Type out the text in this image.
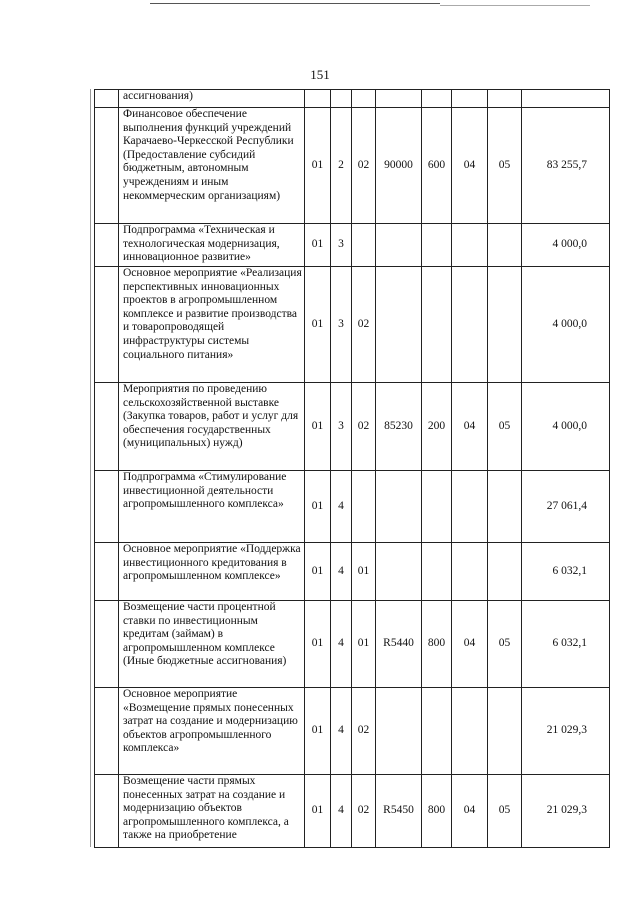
151
	ассигнования)								
	Финансовое обеспечение выполнения функций учреждений Карачаево-Черкесской Республики (Предоставление субсидий бюджетным, автономным учреждениям и иным некоммерческим организациям)	01	2	02	90000	600	04	05	83 255,7
	Подпрограмма «Техническая и технологическая модернизация, инновационное развитие»	01	3						4 000,0
	Основное мероприятие «Реализация перспективных инновационных проектов в агропромышленном комплексе и развитие производства и товаропроводящей инфраструктуры системы социального питания»	01	3	02					4 000,0
	Мероприятия по проведению сельскохозяйственной выставке (Закупка товаров, работ и услуг для обеспечения государственных (муниципальных) нужд)	01	3	02	85230	200	04	05	4 000,0
	Подпрограмма «Стимулирование инвестиционной деятельности агропромышленного комплекса»	01	4						27 061,4
	Основное мероприятие «Поддержка инвестиционного кредитования в агропромышленном комплексе»	01	4	01					6 032,1
	Возмещение части процентной ставки по инвестиционным кредитам (займам) в агропромышленном комплексе (Иные бюджетные ассигнования)	01	4	01	R5440	800	04	05	6 032,1
	Основное мероприятие «Возмещение прямых понесенных затрат на создание и модернизацию объектов агропромышленного комплекса»	01	4	02					21 029,3
	Возмещение части прямых понесенных затрат на создание и модернизацию объектов агропромышленного комплекса, а также на приобретение	01	4	02	R5450	800	04	05	21 029,3
